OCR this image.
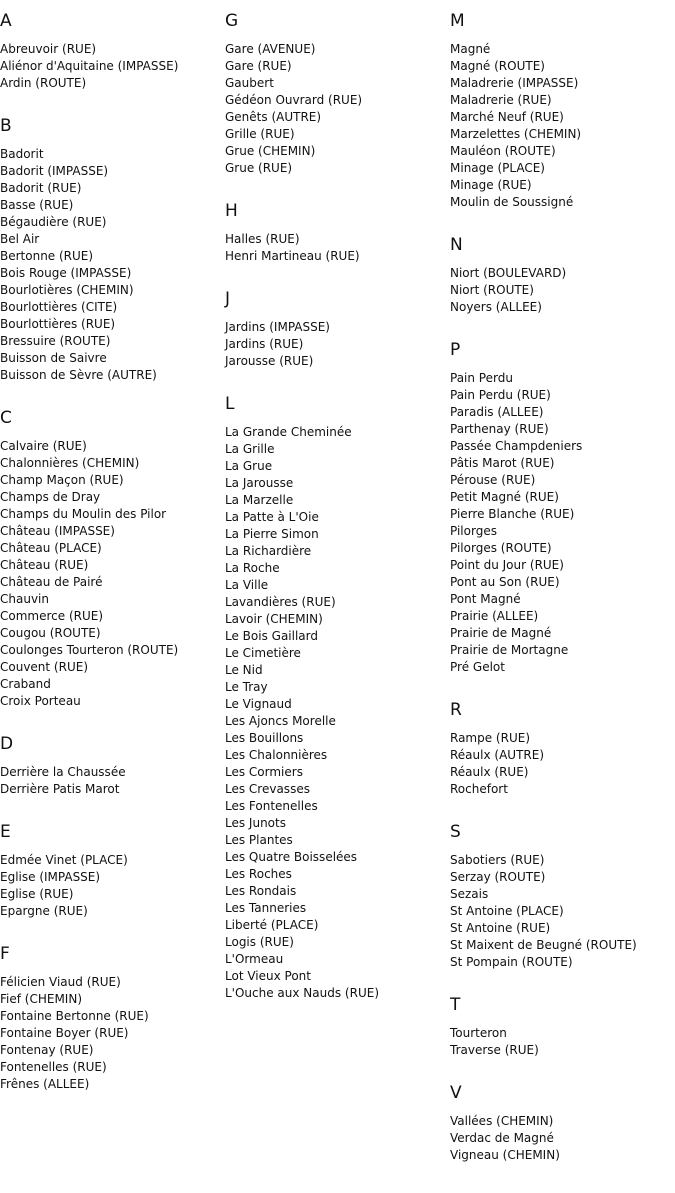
A
Abreuvoir (RUE)
Aliénor d'Aquitaine (IMPASSE)
Ardin (ROUTE)
B
Badorit
Badorit (IMPASSE)
Badorit (RUE)
Basse (RUE)
Bégaudière (RUE)
Bel Air
Bertonne (RUE)
Bois Rouge (IMPASSE)
Bourlotières (CHEMIN)
Bourlottières (CITE)
Bourlottières (RUE)
Bressuire (ROUTE)
Buisson de Saivre
Buisson de Sèvre (AUTRE)
C
Calvaire (RUE)
Chalonnières (CHEMIN)
Champ Maçon (RUE)
Champs de Dray
Champs du Moulin des Pilor
Château (IMPASSE)
Château (PLACE)
Château (RUE)
Château de Pairé
Chauvin
Commerce (RUE)
Cougou (ROUTE)
Coulonges Tourteron (ROUTE)
Couvent (RUE)
Craband
Croix Porteau
D
Derrière la Chaussée
Derrière Patis Marot
E
Edmée Vinet (PLACE)
Eglise (IMPASSE)
Eglise (RUE)
Epargne (RUE)
F
Félicien Viaud (RUE)
Fief (CHEMIN)
Fontaine Bertonne (RUE)
Fontaine Boyer (RUE)
Fontenay (RUE)
Fontenelles (RUE)
Frênes (ALLEE)
G
Gare (AVENUE)
Gare (RUE)
Gaubert
Gédéon Ouvrard (RUE)
Genêts (AUTRE)
Grille (RUE)
Grue (CHEMIN)
Grue (RUE)
H
Halles (RUE)
Henri Martineau (RUE)
J
Jardins (IMPASSE)
Jardins (RUE)
Jarousse (RUE)
L
La Grande Cheminée
La Grille
La Grue
La Jarousse
La Marzelle
La Patte à L'Oie
La Pierre Simon
La Richardière
La Roche
La Ville
Lavandières (RUE)
Lavoir (CHEMIN)
Le Bois Gaillard
Le Cimetière
Le Nid
Le Tray
Le Vignaud
Les Ajoncs Morelle
Les Bouillons
Les Chalonnières
Les Cormiers
Les Crevasses
Les Fontenelles
Les Junots
Les Plantes
Les Quatre Boisselées
Les Roches
Les Rondais
Les Tanneries
Liberté (PLACE)
Logis (RUE)
L'Ormeau
Lot Vieux Pont
L'Ouche aux Nauds (RUE)
M
Magné
Magné (ROUTE)
Maladrerie (IMPASSE)
Maladrerie (RUE)
Marché Neuf (RUE)
Marzelettes (CHEMIN)
Mauléon (ROUTE)
Minage (PLACE)
Minage (RUE)
Moulin de Soussigné
N
Niort (BOULEVARD)
Niort (ROUTE)
Noyers (ALLEE)
P
Pain Perdu
Pain Perdu (RUE)
Paradis (ALLEE)
Parthenay (RUE)
Passée Champdeniers
Pâtis Marot (RUE)
Pérouse (RUE)
Petit Magné (RUE)
Pierre Blanche (RUE)
Pilorges
Pilorges (ROUTE)
Point du Jour (RUE)
Pont au Son (RUE)
Pont Magné
Prairie (ALLEE)
Prairie de Magné
Prairie de Mortagne
Pré Gelot
R
Rampe (RUE)
Réaulx (AUTRE)
Réaulx (RUE)
Rochefort
S
Sabotiers (RUE)
Serzay (ROUTE)
Sezais
St Antoine (PLACE)
St Antoine (RUE)
St Maixent de Beugné (ROUTE)
St Pompain (ROUTE)
T
Tourteron
Traverse (RUE)
V
Vallées (CHEMIN)
Verdac de Magné
Vigneau (CHEMIN)
